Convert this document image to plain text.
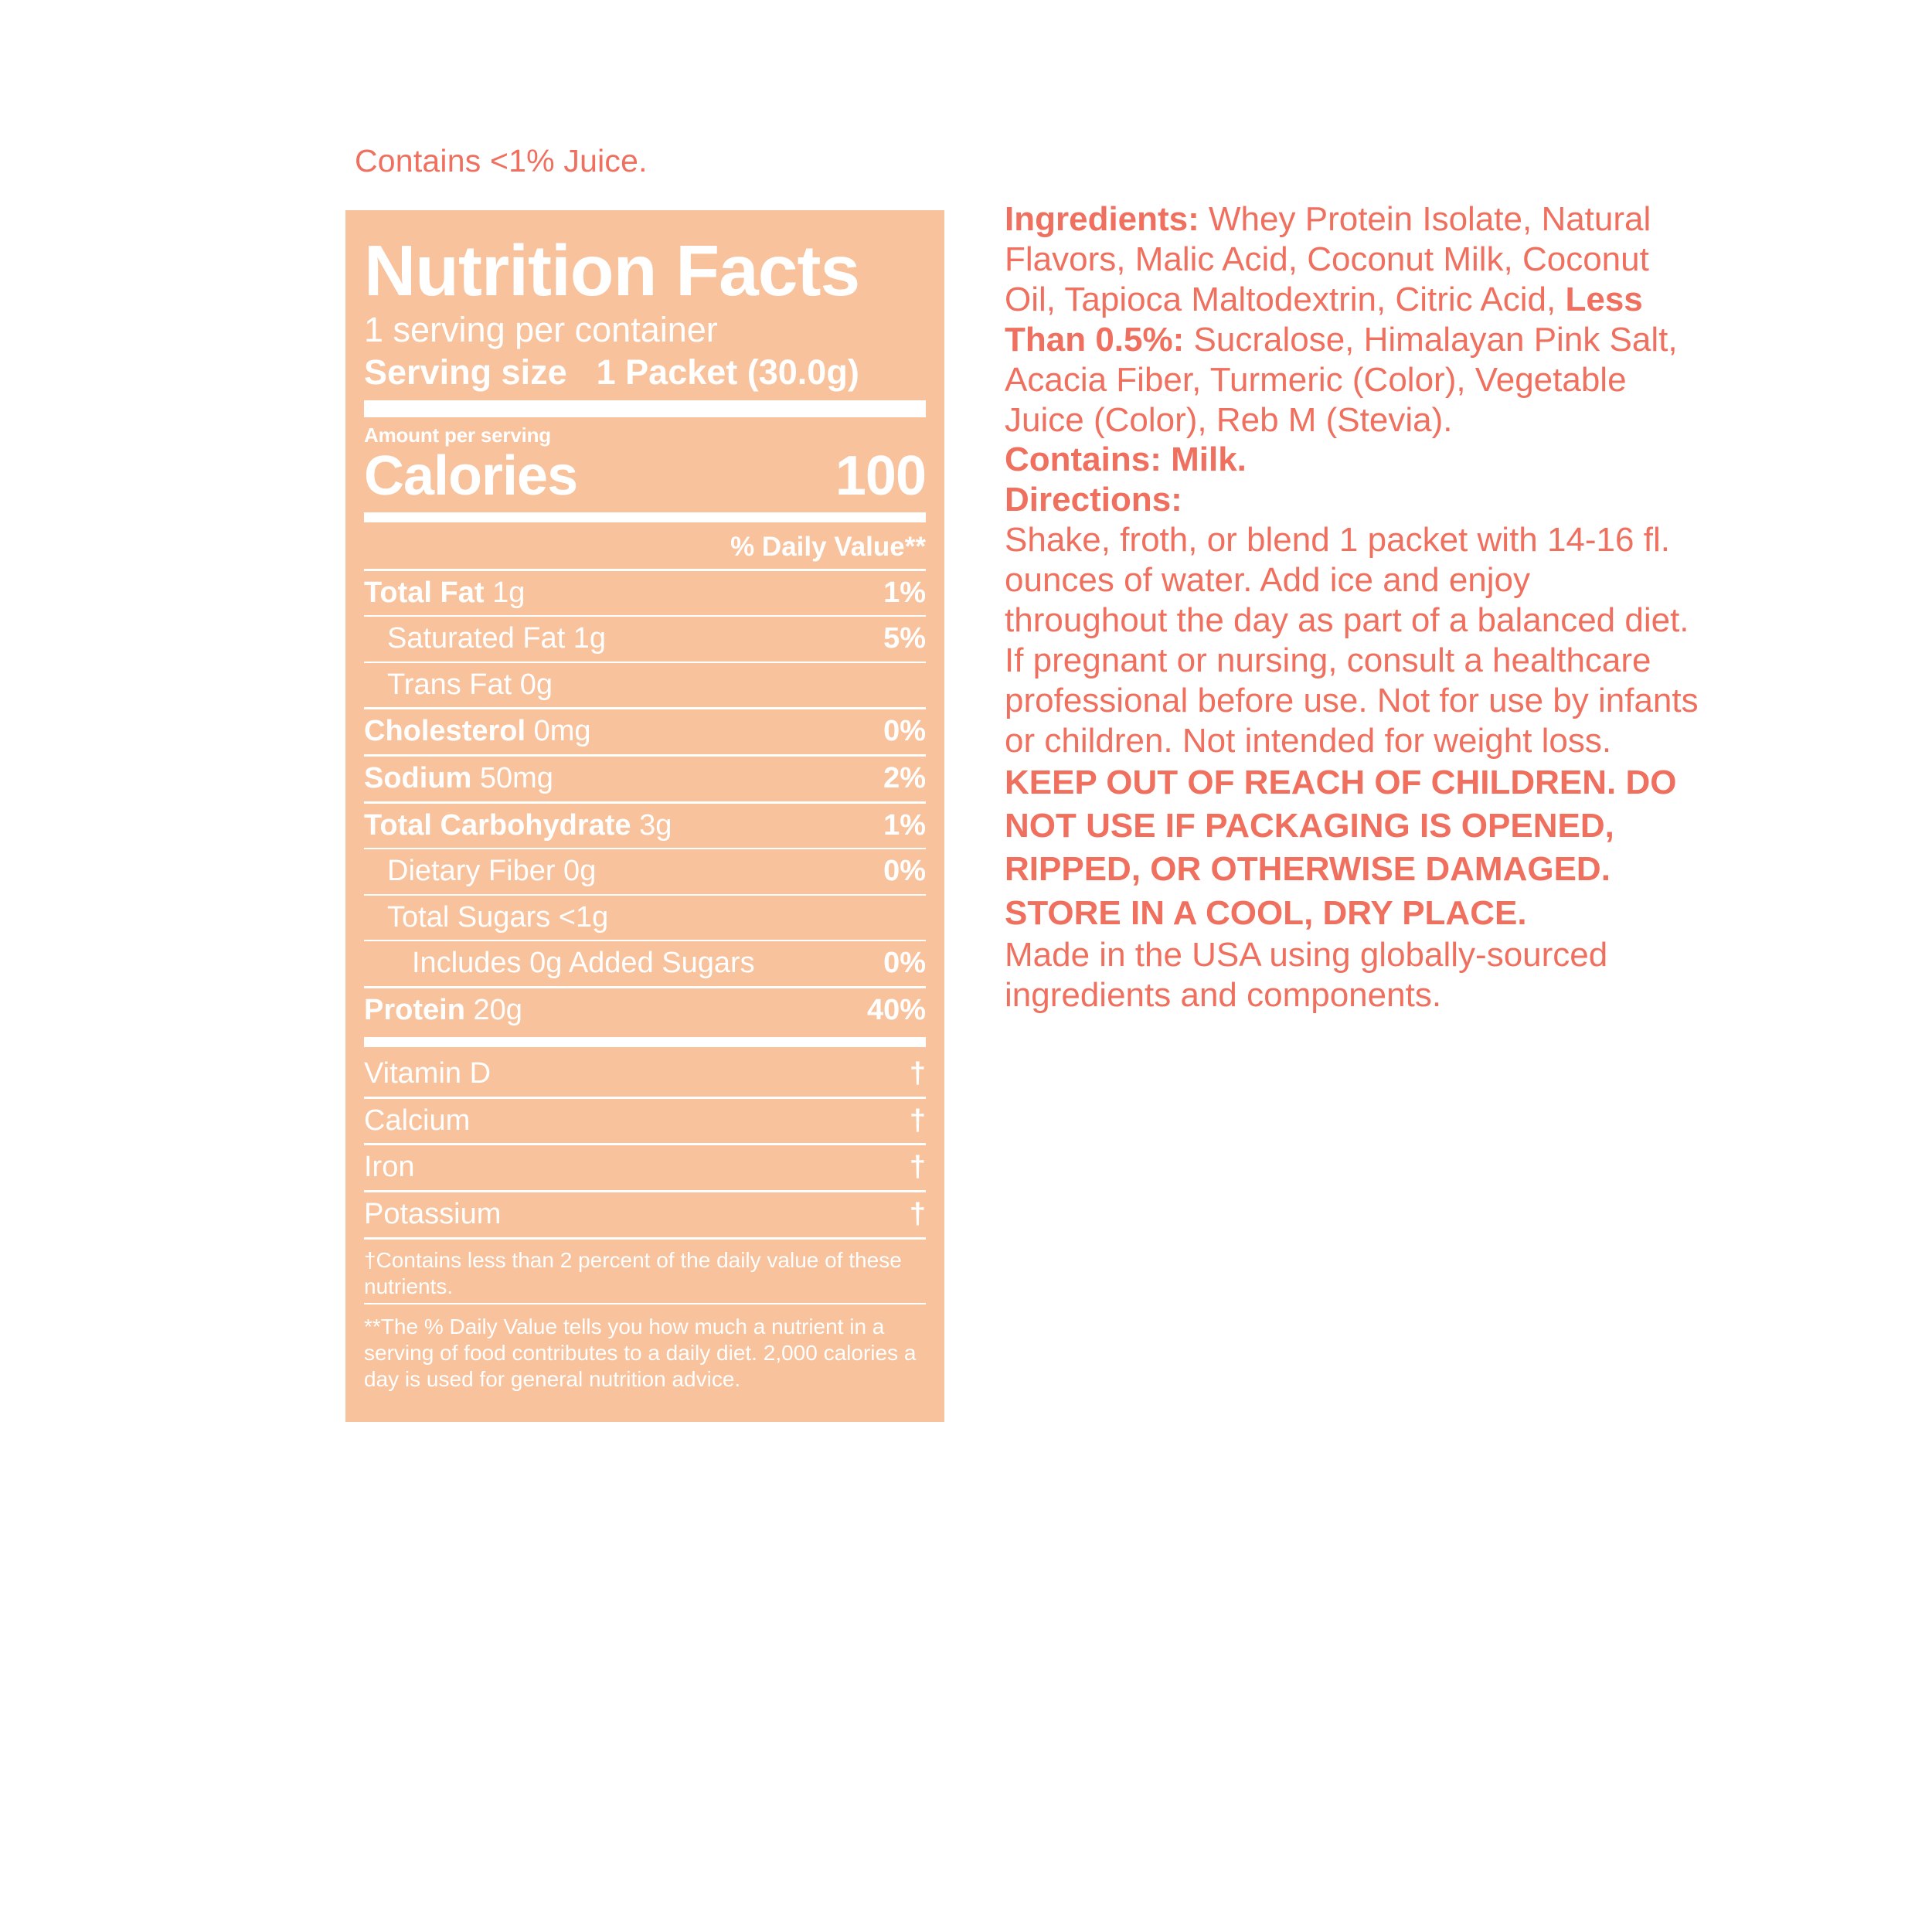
Contains <1% Juice.
Nutrition Facts
1 serving per container
Serving size 1 Packet (30.0g)
Amount per serving
Calories	100
% Daily Value**
Total Fat 1g	1%
Saturated Fat 1g	5%
Trans Fat 0g
Cholesterol 0mg	0%
Sodium 50mg	2%
Total Carbohydrate 3g	1%
Dietary Fiber 0g	0%
Total Sugars <1g
Includes 0g Added Sugars	0%
Protein 20g	40%
Vitamin D	†
Calcium	†
Iron	†
Potassium	†
†Contains less than 2 percent of the daily value of these nutrients.
**The % Daily Value tells you how much a nutrient in a serving of food contributes to a daily diet. 2,000 calories a day is used for general nutrition advice.

Ingredients: Whey Protein Isolate, Natural Flavors, Malic Acid, Coconut Milk, Coconut Oil, Tapioca Maltodextrin, Citric Acid, Less Than 0.5%: Sucralose, Himalayan Pink Salt, Acacia Fiber, Turmeric (Color), Vegetable Juice (Color), Reb M (Stevia).

Contains: Milk.

Directions:

Shake, froth, or blend 1 packet with 14-16 fl. ounces of water. Add ice and enjoy throughout the day as part of a balanced diet.

If pregnant or nursing, consult a healthcare professional before use. Not for use by infants or children. Not intended for weight loss.

KEEP OUT OF REACH OF CHILDREN. DO NOT USE IF PACKAGING IS OPENED, RIPPED, OR OTHERWISE DAMAGED. STORE IN A COOL, DRY PLACE.

Made in the USA using globally-sourced ingredients and components.
